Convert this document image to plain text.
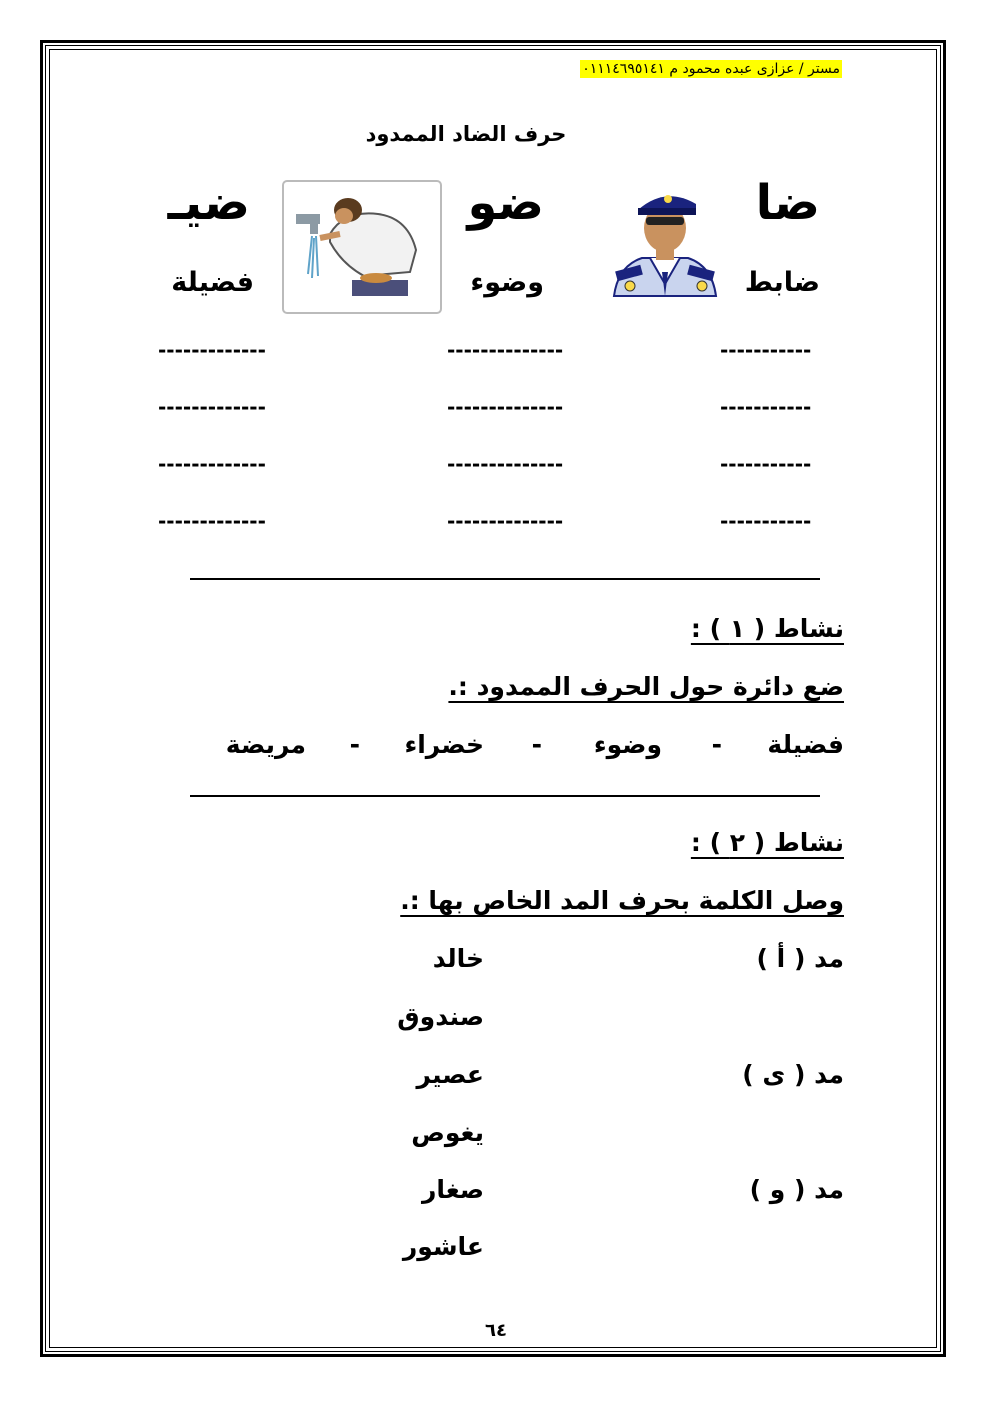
مستر / عزازى عبده محمود م ٠١١١٤٦٩٥١٤١
حرف الضاد الممدود
ضا
ضو
ضيـ
ضابط
وضوء
فضيلة
-----------
--------------
-------------
-----------
--------------
-------------
-----------
--------------
-------------
-----------
--------------
-------------
نشاط ( ١ ) :
ضع دائرة حول الحرف الممدود :.
فضيلة
-
وضوء
-
خضراء
-
مريضة
نشاط ( ٢ ) :
وصل الكلمة بحرف المد الخاص بها :.
مد ( أ )
مد ( ى )
مد ( و )
خالد
صندوق
عصير
يغوص
صغار
عاشور
٦٤
